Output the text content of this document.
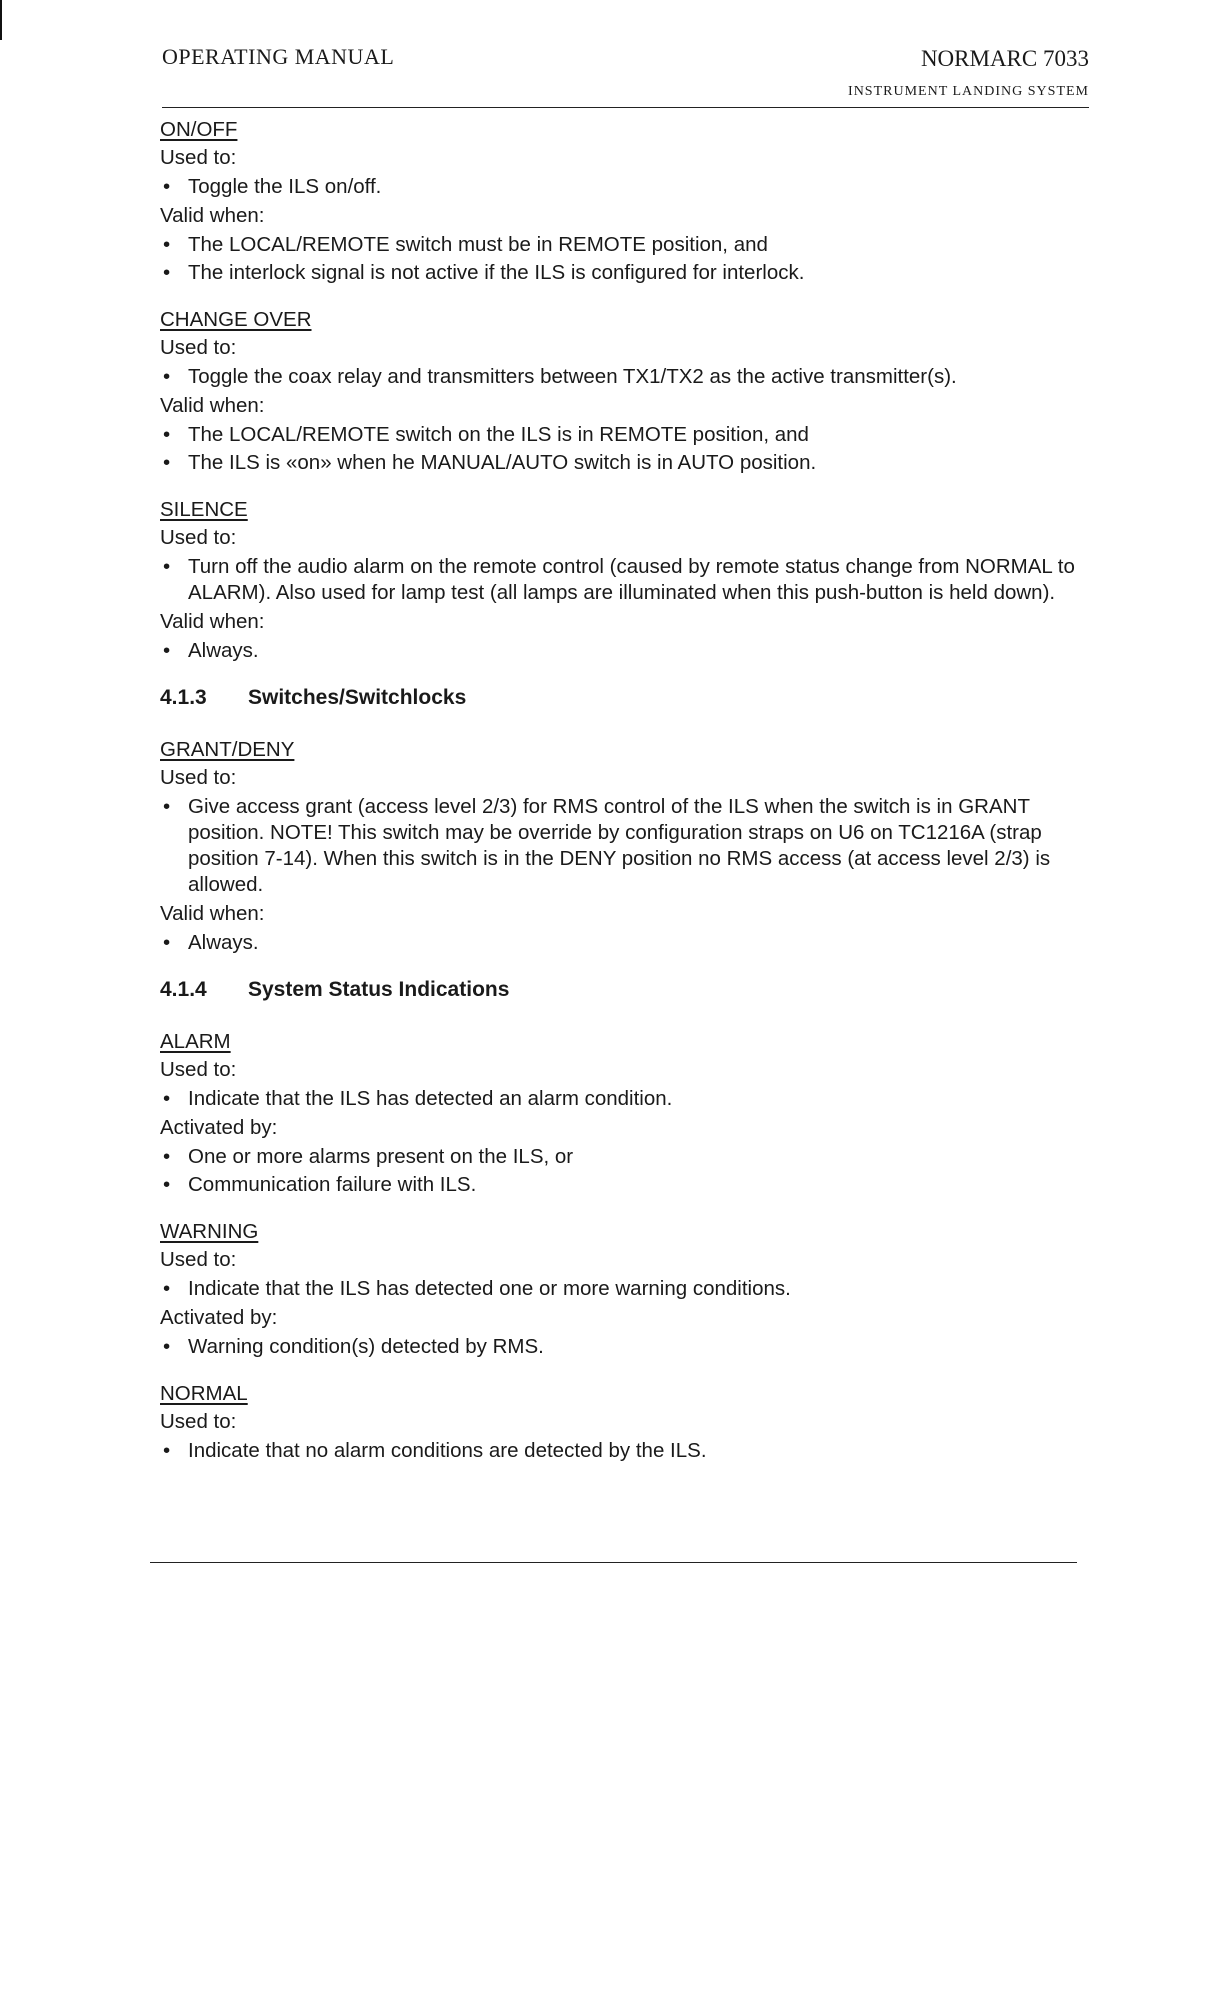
OPERATING MANUAL	NORMARC 7033
INSTRUMENT LANDING SYSTEM
ON/OFF
Used to:
• Toggle the ILS on/off.
Valid when:
• The LOCAL/REMOTE switch must be in REMOTE position, and
• The interlock signal is not active if the ILS is configured for interlock.
CHANGE OVER
Used to:
• Toggle the coax relay and transmitters between TX1/TX2 as the active transmitter(s).
Valid when:
• The LOCAL/REMOTE switch on the ILS is in REMOTE position, and
• The ILS is «on» when he MANUAL/AUTO switch is in AUTO position.
SILENCE
Used to:
• Turn off the audio alarm on the remote control (caused by remote status change from NORMAL to ALARM). Also used for lamp test (all lamps are illuminated when this push-button is held down).
Valid when:
• Always.
4.1.3 Switches/Switchlocks
GRANT/DENY
Used to:
• Give access grant (access level 2/3) for RMS control of the ILS when the switch is in GRANT position. NOTE! This switch may be override by configuration straps on U6 on TC1216A (strap position 7-14). When this switch is in the DENY position no RMS access (at access level 2/3) is allowed.
Valid when:
• Always.
4.1.4 System Status Indications
ALARM
Used to:
• Indicate that the ILS has detected an alarm condition.
Activated by:
• One or more alarms present on the ILS, or
• Communication failure with ILS.
WARNING
Used to:
• Indicate that the ILS has detected one or more warning conditions.
Activated by:
• Warning condition(s) detected by RMS.
NORMAL
Used to:
• Indicate that no alarm conditions are detected by the ILS.
